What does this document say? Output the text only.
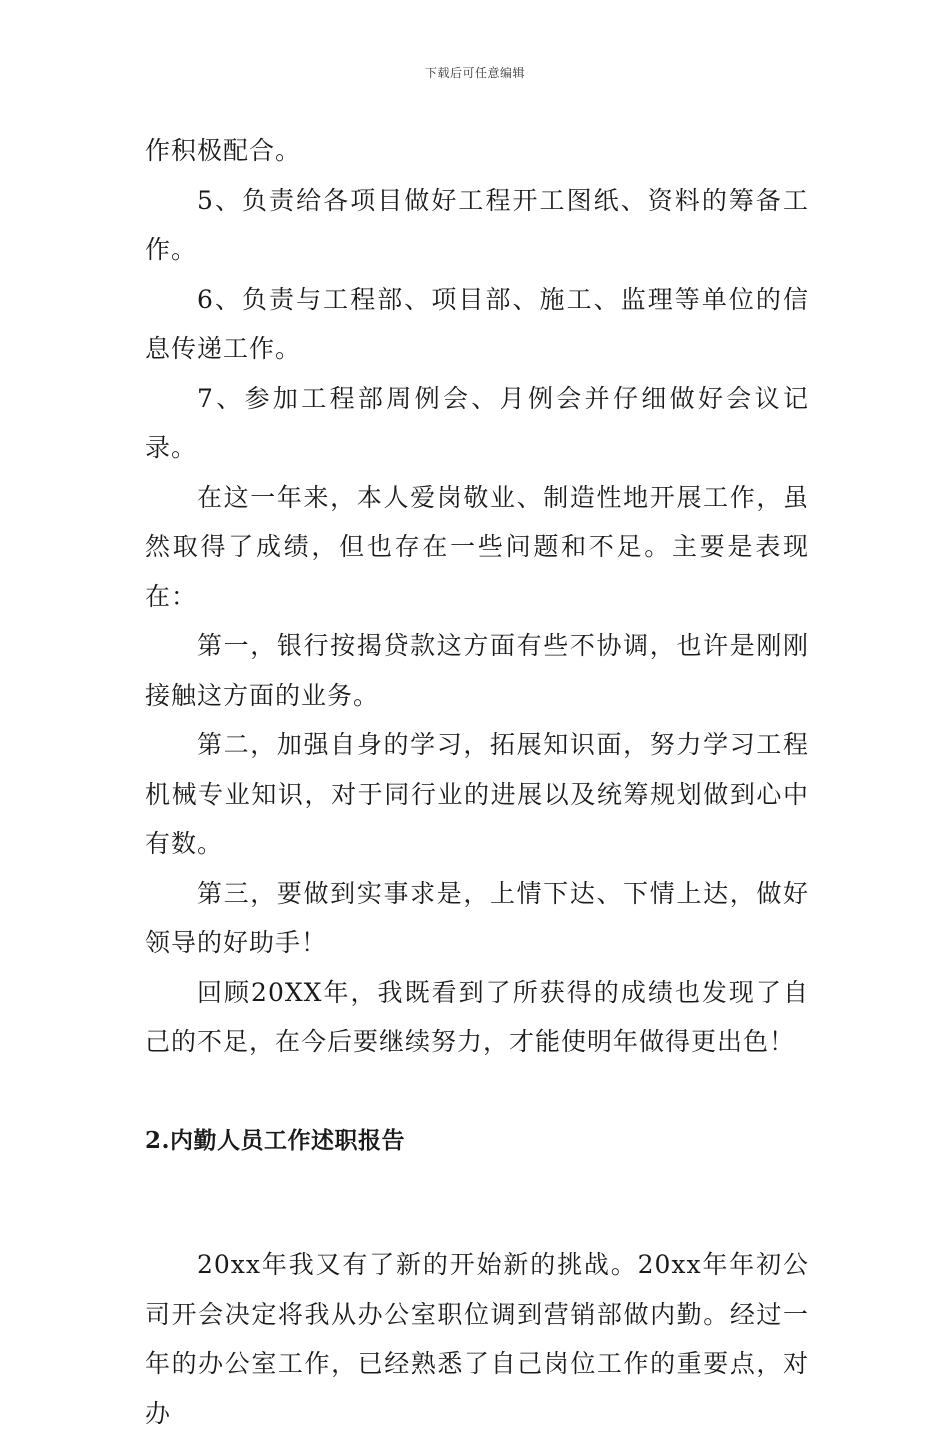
下载后可任意编辑

作积极配合。

5、负责给各项目做好工程开工图纸、资料的筹备工作。

6、负责与工程部、项目部、施工、监理等单位的信息传递工作。

7、参加工程部周例会、月例会并仔细做好会议记录。

在这一年来，本人爱岗敬业、制造性地开展工作，虽然取得了成绩，但也存在一些问题和不足。主要是表现在：

第一，银行按揭贷款这方面有些不协调，也许是刚刚接触这方面的业务。

第二，加强自身的学习，拓展知识面，努力学习工程机械专业知识，对于同行业的进展以及统筹规划做到心中有数。

第三，要做到实事求是，上情下达、下情上达，做好领导的好助手！

回顾20XX年，我既看到了所获得的成绩也发现了自己的不足，在今后要继续努力，才能使明年做得更出色！

2.内勤人员工作述职报告

20xx年我又有了新的开始新的挑战。20xx年年初公司开会决定将我从办公室职位调到营销部做内勤。经过一年的办公室工作，已经熟悉了自己岗位工作的重要点，对办
